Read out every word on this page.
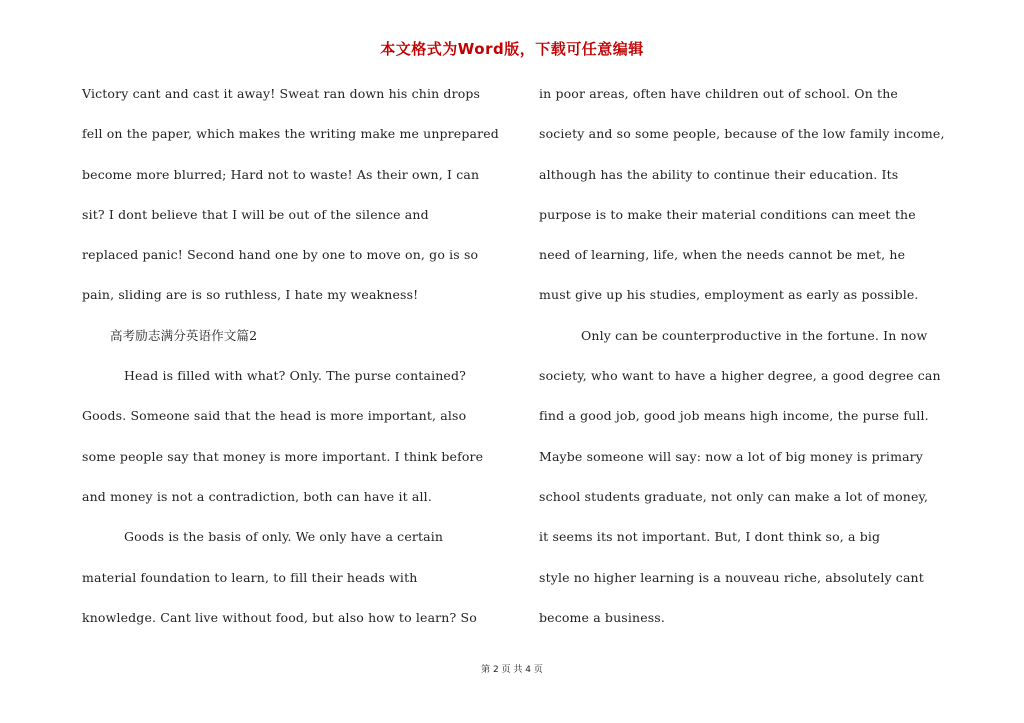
本文格式为Word版，下载可任意编辑
Victory cant and cast it away! Sweat ran down his chin drops
fell on the paper, which makes the writing make me unprepared
become more blurred; Hard not to waste! As their own, I can
sit? I dont believe that I will be out of the silence and
replaced panic! Second hand one by one to move on, go is so
pain, sliding are is so ruthless, I hate my weakness!
高考励志满分英语作文篇2
Head is filled with what? Only. The purse contained?
Goods. Someone said that the head is more important, also
some people say that money is more important. I think before
and money is not a contradiction, both can have it all.
Goods is the basis of only. We only have a certain
material foundation to learn, to fill their heads with
knowledge. Cant live without food, but also how to learn? So
in poor areas, often have children out of school. On the
society and so some people, because of the low family income,
although has the ability to continue their education. Its
purpose is to make their material conditions can meet the
need of learning, life, when the needs cannot be met, he
must give up his studies, employment as early as possible.
Only can be counterproductive in the fortune. In now
society, who want to have a higher degree, a good degree can
find a good job, good job means high income, the purse full.
Maybe someone will say: now a lot of big money is primary
school students graduate, not only can make a lot of money,
it seems its not important. But, I dont think so, a big
style no higher learning is a nouveau riche, absolutely cant
become a business.
第 2 页 共 4 页
